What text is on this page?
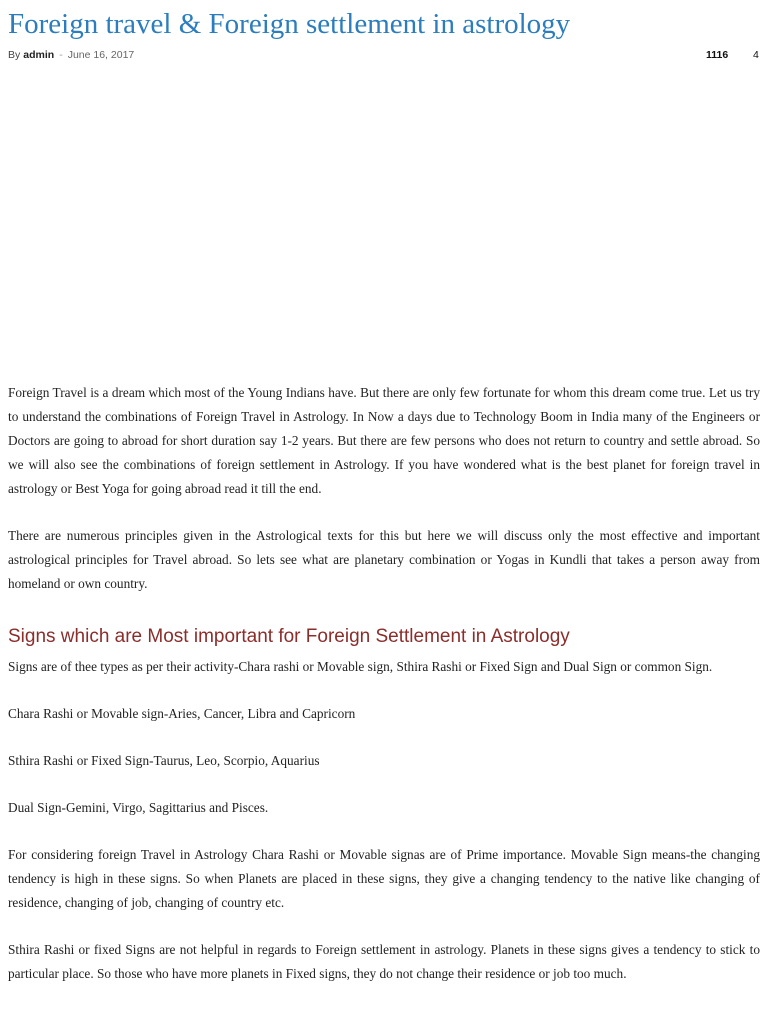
Foreign travel & Foreign settlement in astrology
By admin - June 16, 2017	1116 4

Foreign Travel is a dream which most of the Young Indians have. But there are only few fortunate for whom this dream come true. Let us try to understand the combinations of Foreign Travel in Astrology. In Now a days due to Technology Boom in India many of the Engineers or Doctors are going to abroad for short duration say 1-2 years. But there are few persons who does not return to country and settle abroad. So we will also see the combinations of foreign settlement in Astrology. If you have wondered what is the best planet for foreign travel in astrology or Best Yoga for going abroad read it till the end.

There are numerous principles given in the Astrological texts for this but here we will discuss only the most effective and important astrological principles for Travel abroad. So lets see what are planetary combination or Yogas in Kundli that takes a person away from homeland or own country.

Signs which are Most important for Foreign Settlement in Astrology

Signs are of thee types as per their activity-Chara rashi or Movable sign, Sthira Rashi or Fixed Sign and Dual Sign or common Sign.

Chara Rashi or Movable sign-Aries, Cancer, Libra and Capricorn

Sthira Rashi or Fixed Sign-Taurus, Leo, Scorpio, Aquarius

Dual Sign-Gemini, Virgo, Sagittarius and Pisces.

For considering foreign Travel in Astrology Chara Rashi or Movable signas are of Prime importance. Movable Sign means-the changing tendency is high in these signs. So when Planets are placed in these signs, they give a changing tendency to the native like changing of residence, changing of job, changing of country etc.

Sthira Rashi or fixed Signs are not helpful in regards to Foreign settlement in astrology. Planets in these signs gives a tendency to stick to particular place. So those who have more planets in Fixed signs, they do not change their residence or job too much.
